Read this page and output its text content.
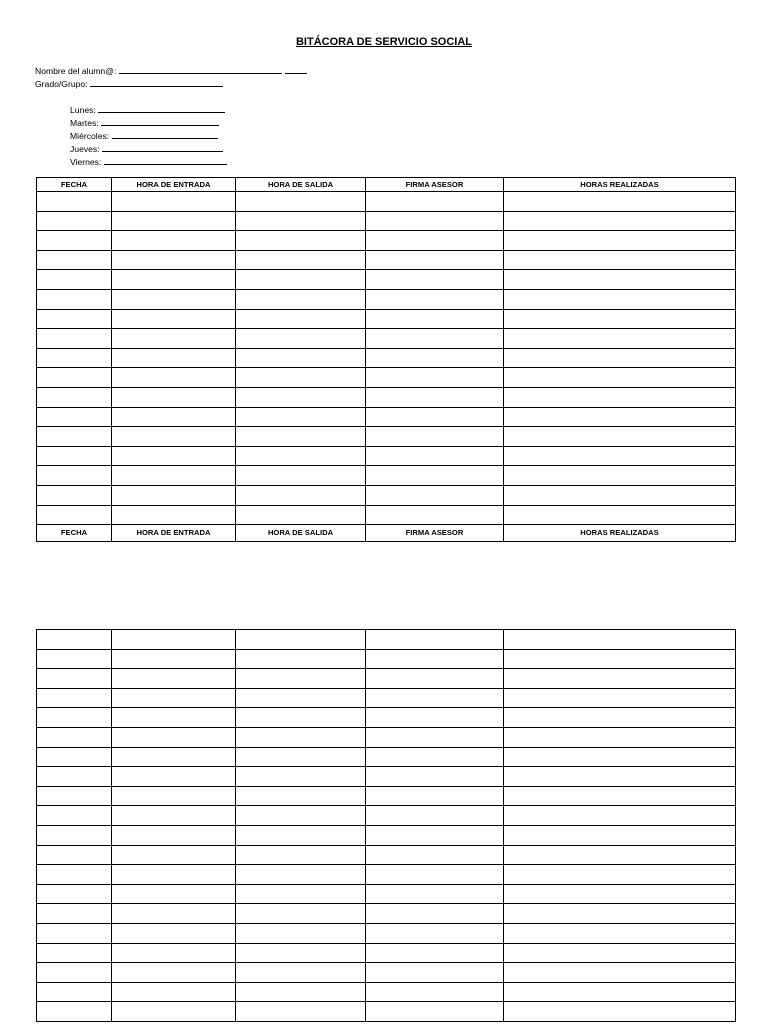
BITÁCORA DE SERVICIO SOCIAL
Nombre del alumn@:
Grado/Grupo:
Lunes:
Martes:
Miércoles:
Jueves:
Viernes:
FECHA	HORA DE ENTRADA	HORA DE SALIDA	FIRMA ASESOR	HORAS REALIZADAS

FECHA	HORA DE ENTRADA	HORA DE SALIDA	FIRMA ASESOR	HORAS REALIZADAS
